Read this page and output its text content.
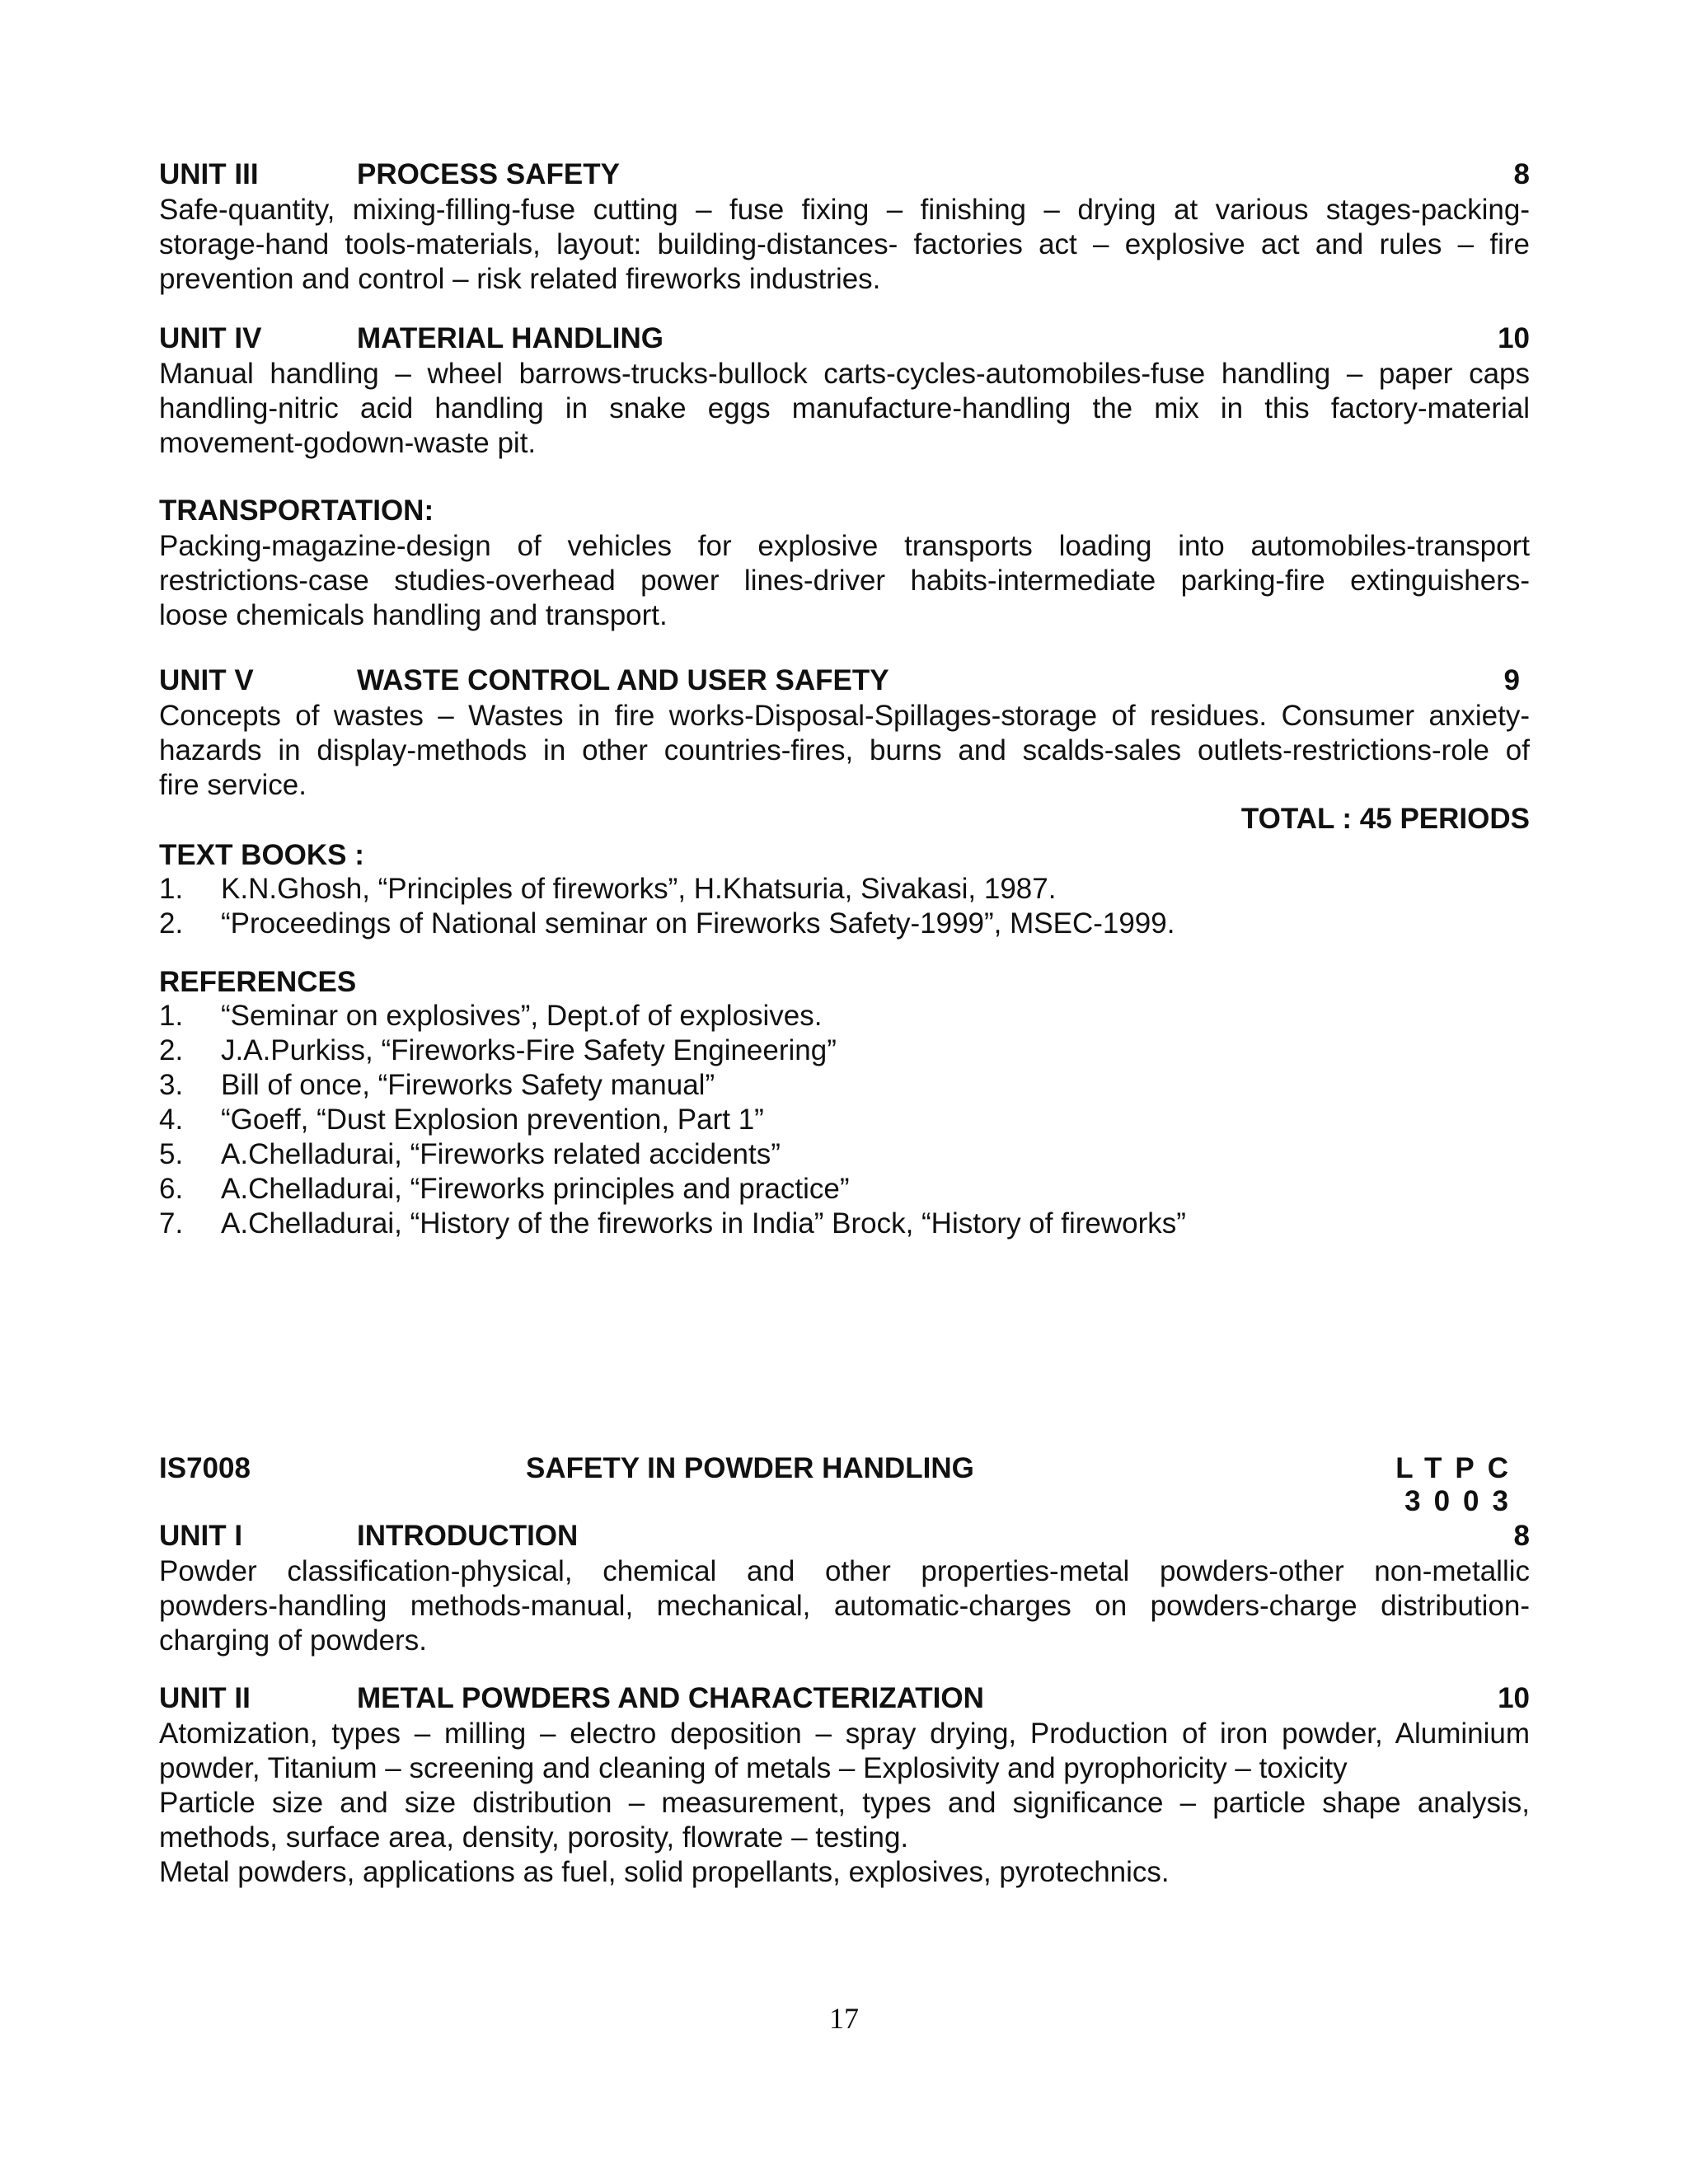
UNIT III	PROCESS SAFETY	8
Safe-quantity, mixing-filling-fuse cutting – fuse fixing – finishing – drying at various stages-packing-
storage-hand tools-materials, layout: building-distances- factories act – explosive act and rules – fire
prevention and control – risk related fireworks industries.
UNIT IV	MATERIAL HANDLING	10
Manual handling – wheel barrows-trucks-bullock carts-cycles-automobiles-fuse handling – paper caps
handling-nitric acid handling in snake eggs manufacture-handling the mix in this factory-material
movement-godown-waste pit.
TRANSPORTATION:
Packing-magazine-design of vehicles for explosive transports loading into automobiles-transport
restrictions-case studies-overhead power lines-driver habits-intermediate parking-fire extinguishers-
loose chemicals handling and transport.
UNIT V	WASTE CONTROL AND USER SAFETY	9
Concepts of wastes – Wastes in fire works-Disposal-Spillages-storage of residues. Consumer anxiety-
hazards in display-methods in other countries-fires, burns and scalds-sales outlets-restrictions-role of
fire service.
TOTAL : 45 PERIODS
TEXT BOOKS :
1. K.N.Ghosh, “Principles of fireworks”, H.Khatsuria, Sivakasi, 1987.
2. “Proceedings of National seminar on Fireworks Safety-1999”, MSEC-1999.
REFERENCES
1. “Seminar on explosives”, Dept.of of explosives.
2. J.A.Purkiss, “Fireworks-Fire Safety Engineering”
3. Bill of once, “Fireworks Safety manual”
4. “Goeff, “Dust Explosion prevention, Part 1”
5. A.Chelladurai, “Fireworks related accidents”
6. A.Chelladurai, “Fireworks principles and practice”
7. A.Chelladurai, “History of the fireworks in India” Brock, “History of fireworks”
IS7008	SAFETY IN POWDER HANDLING	LTPC
3003
UNIT I	INTRODUCTION	8
Powder classification-physical, chemical and other properties-metal powders-other non-metallic
powders-handling methods-manual, mechanical, automatic-charges on powders-charge distribution-
charging of powders.
UNIT II	METAL POWDERS AND CHARACTERIZATION	10
Atomization, types – milling – electro deposition – spray drying, Production of iron powder, Aluminium
powder, Titanium – screening and cleaning of metals – Explosivity and pyrophoricity – toxicity
Particle size and size distribution – measurement, types and significance – particle shape analysis,
methods, surface area, density, porosity, flowrate – testing.
Metal powders, applications as fuel, solid propellants, explosives, pyrotechnics.
17
